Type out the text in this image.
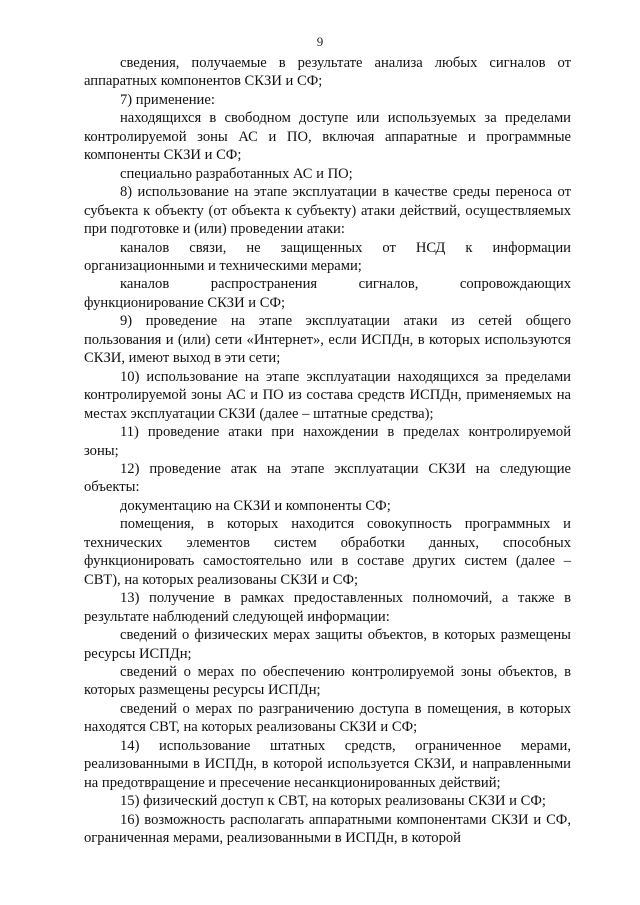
9

сведения, получаемые в результате анализа любых сигналов от аппаратных компонентов СКЗИ и СФ;

7) применение:

находящихся в свободном доступе или используемых за пределами контролируемой зоны АС и ПО, включая аппаратные и программные компоненты СКЗИ и СФ;

специально разработанных АС и ПО;

8) использование на этапе эксплуатации в качестве среды переноса от субъекта к объекту (от объекта к субъекту) атаки действий, осуществляемых при подготовке и (или) проведении атаки:

каналов связи, не защищенных от НСД к информации организационными и техническими мерами;

каналов распространения сигналов, сопровождающих функционирование СКЗИ и СФ;

9) проведение на этапе эксплуатации атаки из сетей общего пользования и (или) сети «Интернет», если ИСПДн, в которых используются СКЗИ, имеют выход в эти сети;

10) использование на этапе эксплуатации находящихся за пределами контролируемой зоны АС и ПО из состава средств ИСПДн, применяемых на местах эксплуатации СКЗИ (далее – штатные средства);

11) проведение атаки при нахождении в пределах контролируемой зоны;

12) проведение атак на этапе эксплуатации СКЗИ на следующие объекты:

документацию на СКЗИ и компоненты СФ;

помещения, в которых находится совокупность программных и технических элементов систем обработки данных, способных функционировать самостоятельно или в составе других систем (далее – СВТ), на которых реализованы СКЗИ и СФ;

13) получение в рамках предоставленных полномочий, а также в результате наблюдений следующей информации:

сведений о физических мерах защиты объектов, в которых размещены ресурсы ИСПДн;

сведений о мерах по обеспечению контролируемой зоны объектов, в которых размещены ресурсы ИСПДн;

сведений о мерах по разграничению доступа в помещения, в которых находятся СВТ, на которых реализованы СКЗИ и СФ;

14) использование штатных средств, ограниченное мерами, реализованными в ИСПДн, в которой используется СКЗИ, и направленными на предотвращение и пресечение несанкционированных действий;

15) физический доступ к СВТ, на которых реализованы СКЗИ и СФ;

16) возможность располагать аппаратными компонентами СКЗИ и СФ, ограниченная мерами, реализованными в ИСПДн, в которой
